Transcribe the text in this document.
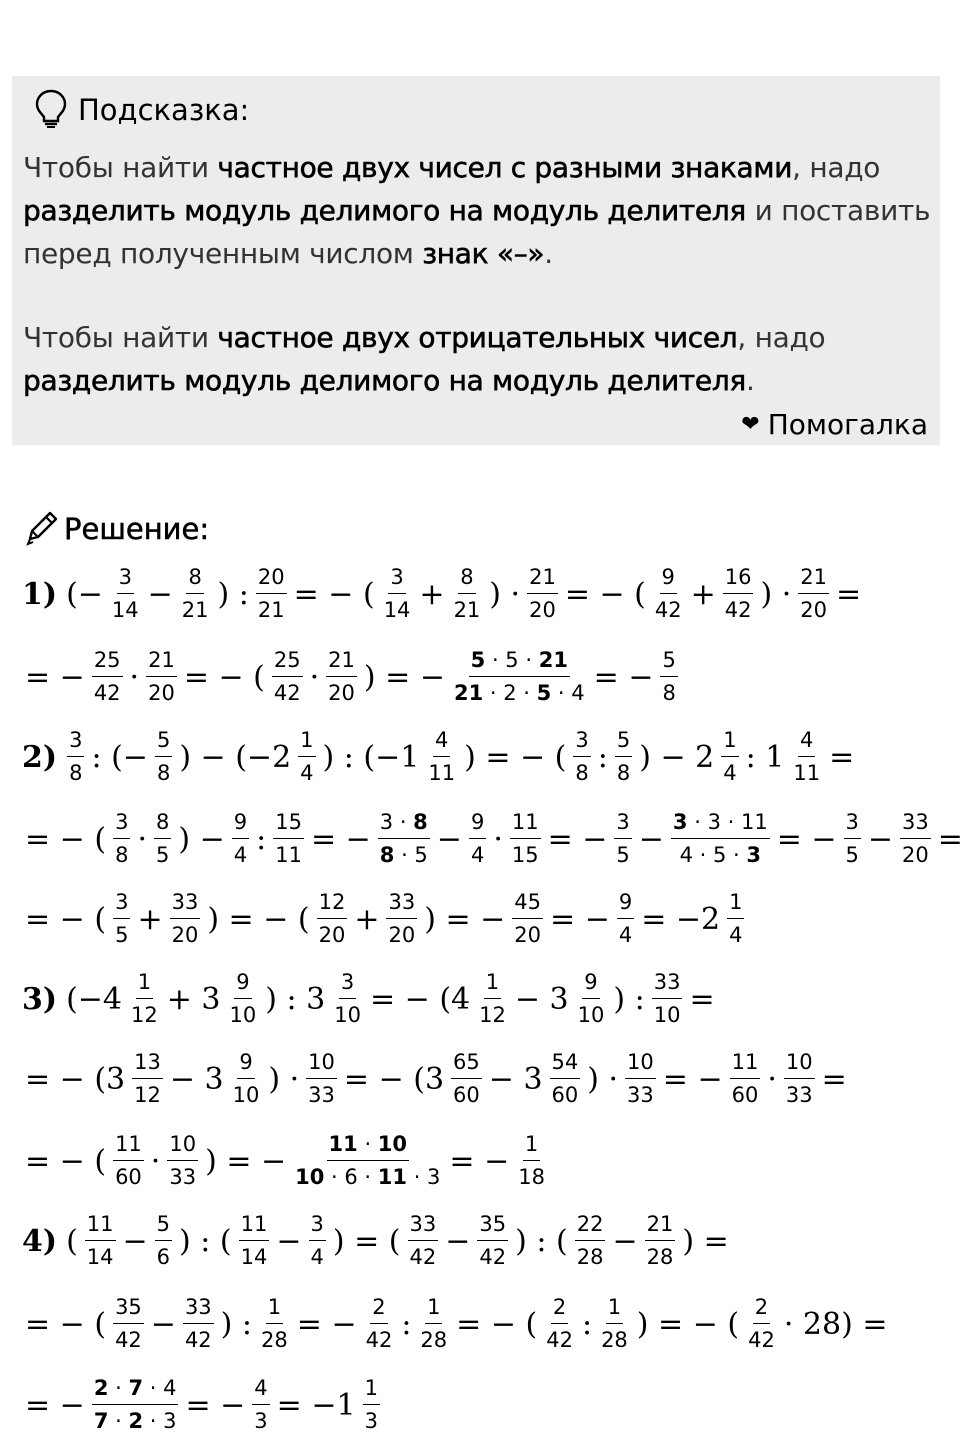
Подсказка:

Чтобы найти частное двух чисел с разными знаками, надо разделить модуль делимого на модуль делителя и поставить перед полученным числом знак «–».

Чтобы найти частное двух отрицательных чисел, надо разделить модуль делимого на модуль делителя.

❤ Помогалка
Решение:
1) (− $\frac{3}{14} - \frac{8}{21}$ ) : $\frac{20}{21}$ = − ( $\frac{3}{14} + \frac{8}{21}$ ) · $\frac{21}{20}$ = − ( $\frac{9}{42} + \frac{16}{42}$ ) · $\frac{21}{20}$ =
= − $\frac{25}{42} \cdot \frac{21}{20}$ = − ( $\frac{25}{42} \cdot \frac{21}{20}$ ) = − $\frac{5 \cdot 5 \cdot 21}{21 \cdot 2 \cdot 5 \cdot 4}$ = − $\frac{5}{8}$
$2) \frac{3}{8}$ : (− $\frac{5}{8}$ ) − ($-2 \frac{1}{4}$ ) : ($-1 \frac{4}{11}$ ) = − ( $\frac{3}{8}$ : $\frac{5}{8}$ ) − $2 \frac{1}{4}$ : $1 \frac{4}{11}$ =
= − ( $\frac{3}{8} \cdot \frac{8}{5}$ ) − $\frac{9}{4}$ : $\frac{15}{11}$ = − $\frac{3 \cdot 8}{8 \cdot 5} - \frac{9}{4} \cdot \frac{11}{15}$ = − $\frac{3}{5} - \frac{3 \cdot 3 \cdot 11}{4 \cdot 5 \cdot 3}$ = − $\frac{3}{5} - \frac{33}{20}$ =
= − ( $\frac{3}{5} + \frac{33}{20}$ ) = − ( $\frac{12}{20} + \frac{33}{20}$ ) = − $\frac{45}{20}$ = − $\frac{9}{4} = -2 \frac{1}{4}$
3) ($-4 \frac{1}{12} + 3 \frac{9}{10}$ ) : $3 \frac{3}{10}$ = − ($4 \frac{1}{12} - 3 \frac{9}{10}$ ) : $\frac{33}{10}$ =
= − ($3 \frac{13}{12} - 3 \frac{9}{10}$ ) · $\frac{10}{33}$ = − ($3 \frac{65}{60} - 3 \frac{54}{60}$ ) · $\frac{10}{33}$ = − $\frac{11}{60} \cdot \frac{10}{33}$ =
= − ( $\frac{11}{60} \cdot \frac{10}{33}$ ) = − $\frac{11 \cdot 10}{10 \cdot 6 \cdot 11 \cdot 3}$ = − $\frac{1}{18}$
4) ( $\frac{11}{14} - \frac{5}{6}$ ) : ( $\frac{11}{14} - \frac{3}{4}$ ) = ( $\frac{33}{42} - \frac{35}{42}$ ) : ( $\frac{22}{28} - \frac{21}{28}$ ) =
= − ( $\frac{35}{42} - \frac{33}{42}$ ) : $\frac{1}{28}$ = − $\frac{2}{42}$ : $\frac{1}{28}$ = − ( $\frac{2}{42}$ : $\frac{1}{28}$ ) = − ( $\frac{2}{42} \cdot 28$) =
= − $\frac{2 \cdot 7 \cdot 4}{7 \cdot 2 \cdot 3}$ = − $\frac{4}{3} = -1 \frac{1}{3}$
